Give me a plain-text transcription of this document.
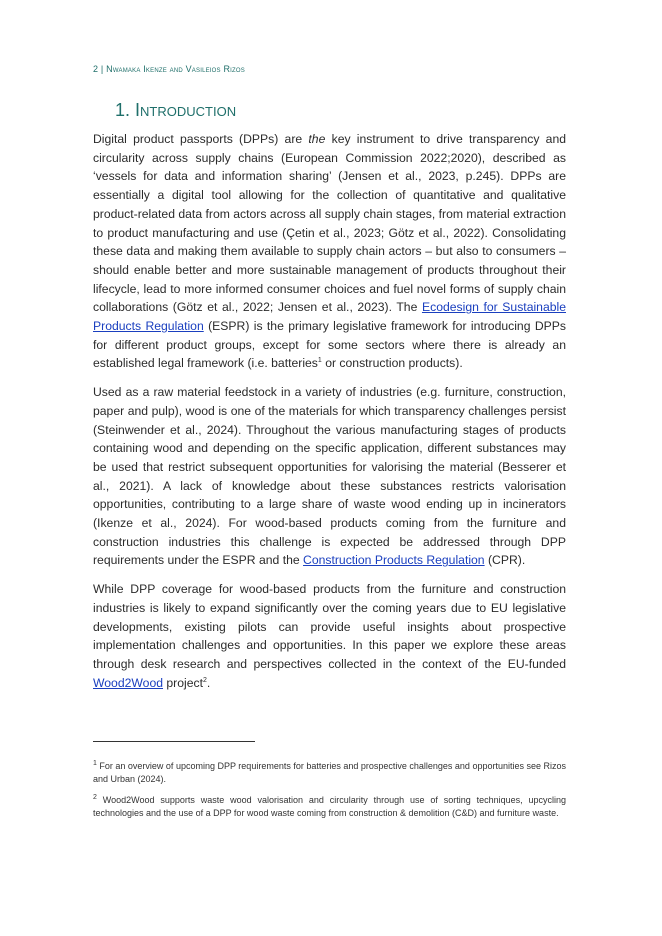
2 | Nwamaka Ikenze and Vasileios Rizos
1. Introduction

Digital product passports (DPPs) are the key instrument to drive transparency and circularity across supply chains (European Commission 2022;2020), described as ‘vessels for data and information sharing’ (Jensen et al., 2023, p.245). DPPs are essentially a digital tool allowing for the collection of quantitative and qualitative product-related data from actors across all supply chain stages, from material extraction to product manufacturing and use (Çetin et al., 2023; Götz et al., 2022). Consolidating these data and making them available to supply chain actors – but also to consumers – should enable better and more sustainable management of products throughout their lifecycle, lead to more informed consumer choices and fuel novel forms of supply chain collaborations (Götz et al., 2022; Jensen et al., 2023). The Ecodesign for Sustainable Products Regulation (ESPR) is the primary legislative framework for introducing DPPs for different product groups, except for some sectors where there is already an established legal framework (i.e. batteries$^1$ or construction products).

Used as a raw material feedstock in a variety of industries (e.g. furniture, construction, paper and pulp), wood is one of the materials for which transparency challenges persist (Steinwender et al., 2024). Throughout the various manufacturing stages of products containing wood and depending on the specific application, different substances may be used that restrict subsequent opportunities for valorising the material (Besserer et al., 2021). A lack of knowledge about these substances restricts valorisation opportunities, contributing to a large share of waste wood ending up in incinerators (Ikenze et al., 2024). For wood-based products coming from the furniture and construction industries this challenge is expected be addressed through DPP requirements under the ESPR and the Construction Products Regulation (CPR).

While DPP coverage for wood-based products from the furniture and construction industries is likely to expand significantly over the coming years due to EU legislative developments, existing pilots can provide useful insights about prospective implementation challenges and opportunities. In this paper we explore these areas through desk research and perspectives collected in the context of the EU-funded Wood2Wood project$^2$.

$^1$ For an overview of upcoming DPP requirements for batteries and prospective challenges and opportunities see Rizos and Urban (2024).
$^2$ Wood2Wood supports waste wood valorisation and circularity through use of sorting techniques, upcycling technologies and the use of a DPP for wood waste coming from construction & demolition (C&D) and furniture waste.
